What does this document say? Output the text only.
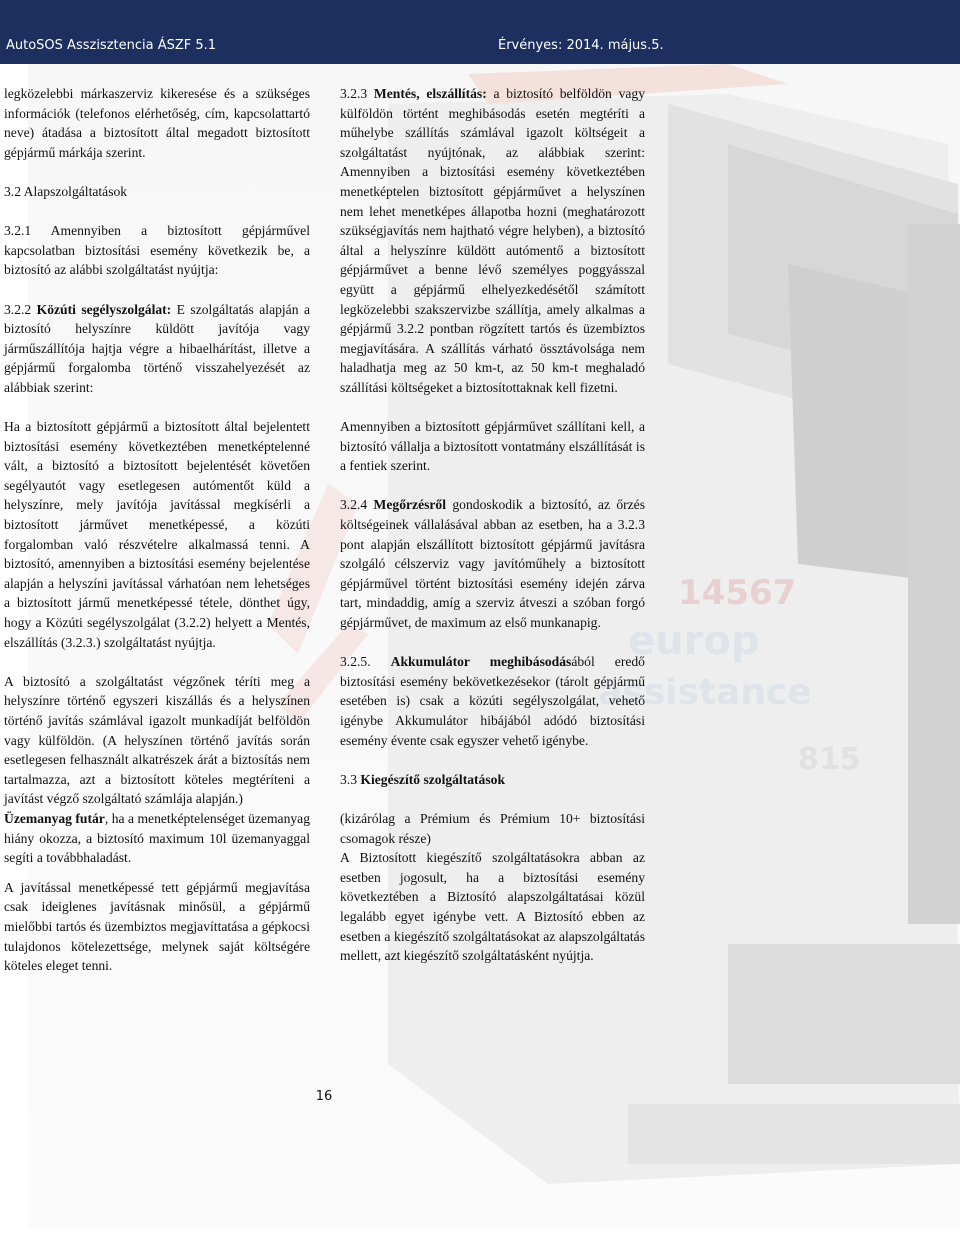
AutoSOS Asszisztencia ÁSZF 5.1	Érvényes: 2014. május.5.
14567
europ
assistance
815

legközelebbi márkaszerviz kikeresése és a szükséges információk (telefonos elérhetőség, cím, kapcsolattartó neve) átadása a biztosított által megadott biztosított gépjármű márkája szerint.

3.2 Alapszolgáltatások

3.2.1 Amennyiben a biztosított gépjárművel kapcsolatban biztosítási esemény következik be, a biztosító az alábbi szolgáltatást nyújtja:

3.2.2 Közúti segélyszolgálat: E szolgáltatás alapján a biztosító helyszínre küldött javítója vagy járműszállítója hajtja végre a hibaelhárítást, illetve a gépjármű forgalomba történő visszahelyezését az alábbiak szerint:

Ha a biztosított gépjármű a biztosított által bejelentett biztosítási esemény következtében menetképtelenné vált, a biztosító a biztosított bejelentését követően segélyautót vagy esetlegesen autómentőt küld a helyszínre, mely javítója javítással megkísérli a biztosított járművet menetképessé, a közúti forgalomban való részvételre alkalmassá tenni. A biztosító, amennyiben a biztosítási esemény bejelentése alapján a helyszíni javítással várhatóan nem lehetséges a biztosított jármű menetképessé tétele, dönthet úgy, hogy a Közúti segélyszolgálat (3.2.2) helyett a Mentés, elszállítás (3.2.3.) szolgáltatást nyújtja.

A biztosító a szolgáltatást végzőnek téríti meg a helyszínre történő egyszeri kiszállás és a helyszínen történő javítás számlával igazolt munkadíját belföldön vagy külföldön. (A helyszínen történő javítás során esetlegesen felhasznált alkatrészek árát a biztosítás nem tartalmazza, azt a biztosított köteles megtéríteni a javítást végző szolgáltató számlája alapján.)

Üzemanyag futár, ha a menetképtelenséget üzemanyag hiány okozza, a biztosító maximum 10l üzemanyaggal segíti a továbbhaladást.

A javítással menetképessé tett gépjármű megjavítása csak ideiglenes javításnak minősül, a gépjármű mielőbbi tartós és üzembiztos megjavíttatása a gépkocsi tulajdonos kötelezettsége, melynek saját költségére köteles eleget tenni.

3.2.3 Mentés, elszállítás: a biztosító belföldön vagy külföldön történt meghibásodás esetén megtéríti a műhelybe szállítás számlával igazolt költségeit a szolgáltatást nyújtónak, az alábbiak szerint: Amennyiben a biztosítási esemény következtében menetképtelen biztosított gépjárművet a helyszínen nem lehet menetképes állapotba hozni (meghatározott szükségjavítás nem hajtható végre helyben), a biztosító által a helyszínre küldött autómentő a biztosított gépjárművet a benne lévő személyes poggyásszal együtt a gépjármű elhelyezkedésétől számított legközelebbi szakszervizbe szállítja, amely alkalmas a gépjármű 3.2.2 pontban rögzített tartós és üzembiztos megjavítására. A szállítás várható össztávolsága nem haladhatja meg az 50 km-t, az 50 km-t meghaladó szállítási költségeket a biztosítottaknak kell fizetni.

Amennyiben a biztosított gépjárművet szállítani kell, a biztosító vállalja a biztosított vontatmány elszállítását is a fentiek szerint.

3.2.4 Megőrzésről gondoskodik a biztosító, az őrzés költségeinek vállalásával abban az esetben, ha a 3.2.3 pont alapján elszállított biztosított gépjármű javításra szolgáló célszerviz vagy javítóműhely a biztosított gépjárművel történt biztosítási esemény idején zárva tart, mindaddig, amíg a szerviz átveszi a szóban forgó gépjárművet, de maximum az első munkanapig.

3.2.5. Akkumulátor meghibásodásából eredő biztosítási esemény bekövetkezésekor (tárolt gépjármű esetében is) csak a közúti segélyszolgálat, vehető igénybe Akkumulátor hibájából adódó biztosítási esemény évente csak egyszer vehető igénybe.

3.3 Kiegészítő szolgáltatások

(kizárólag a Prémium és Prémium 10+ biztosítási csomagok része)

A Biztosított kiegészítő szolgáltatásokra abban az esetben jogosult, ha a biztosítási esemény következtében a Biztosító alapszolgáltatásai közül legalább egyet igénybe vett. A Biztosító ebben az esetben a kiegészítő szolgáltatásokat az alapszolgáltatás mellett, azt kiegészítő szolgáltatásként nyújtja.

16
